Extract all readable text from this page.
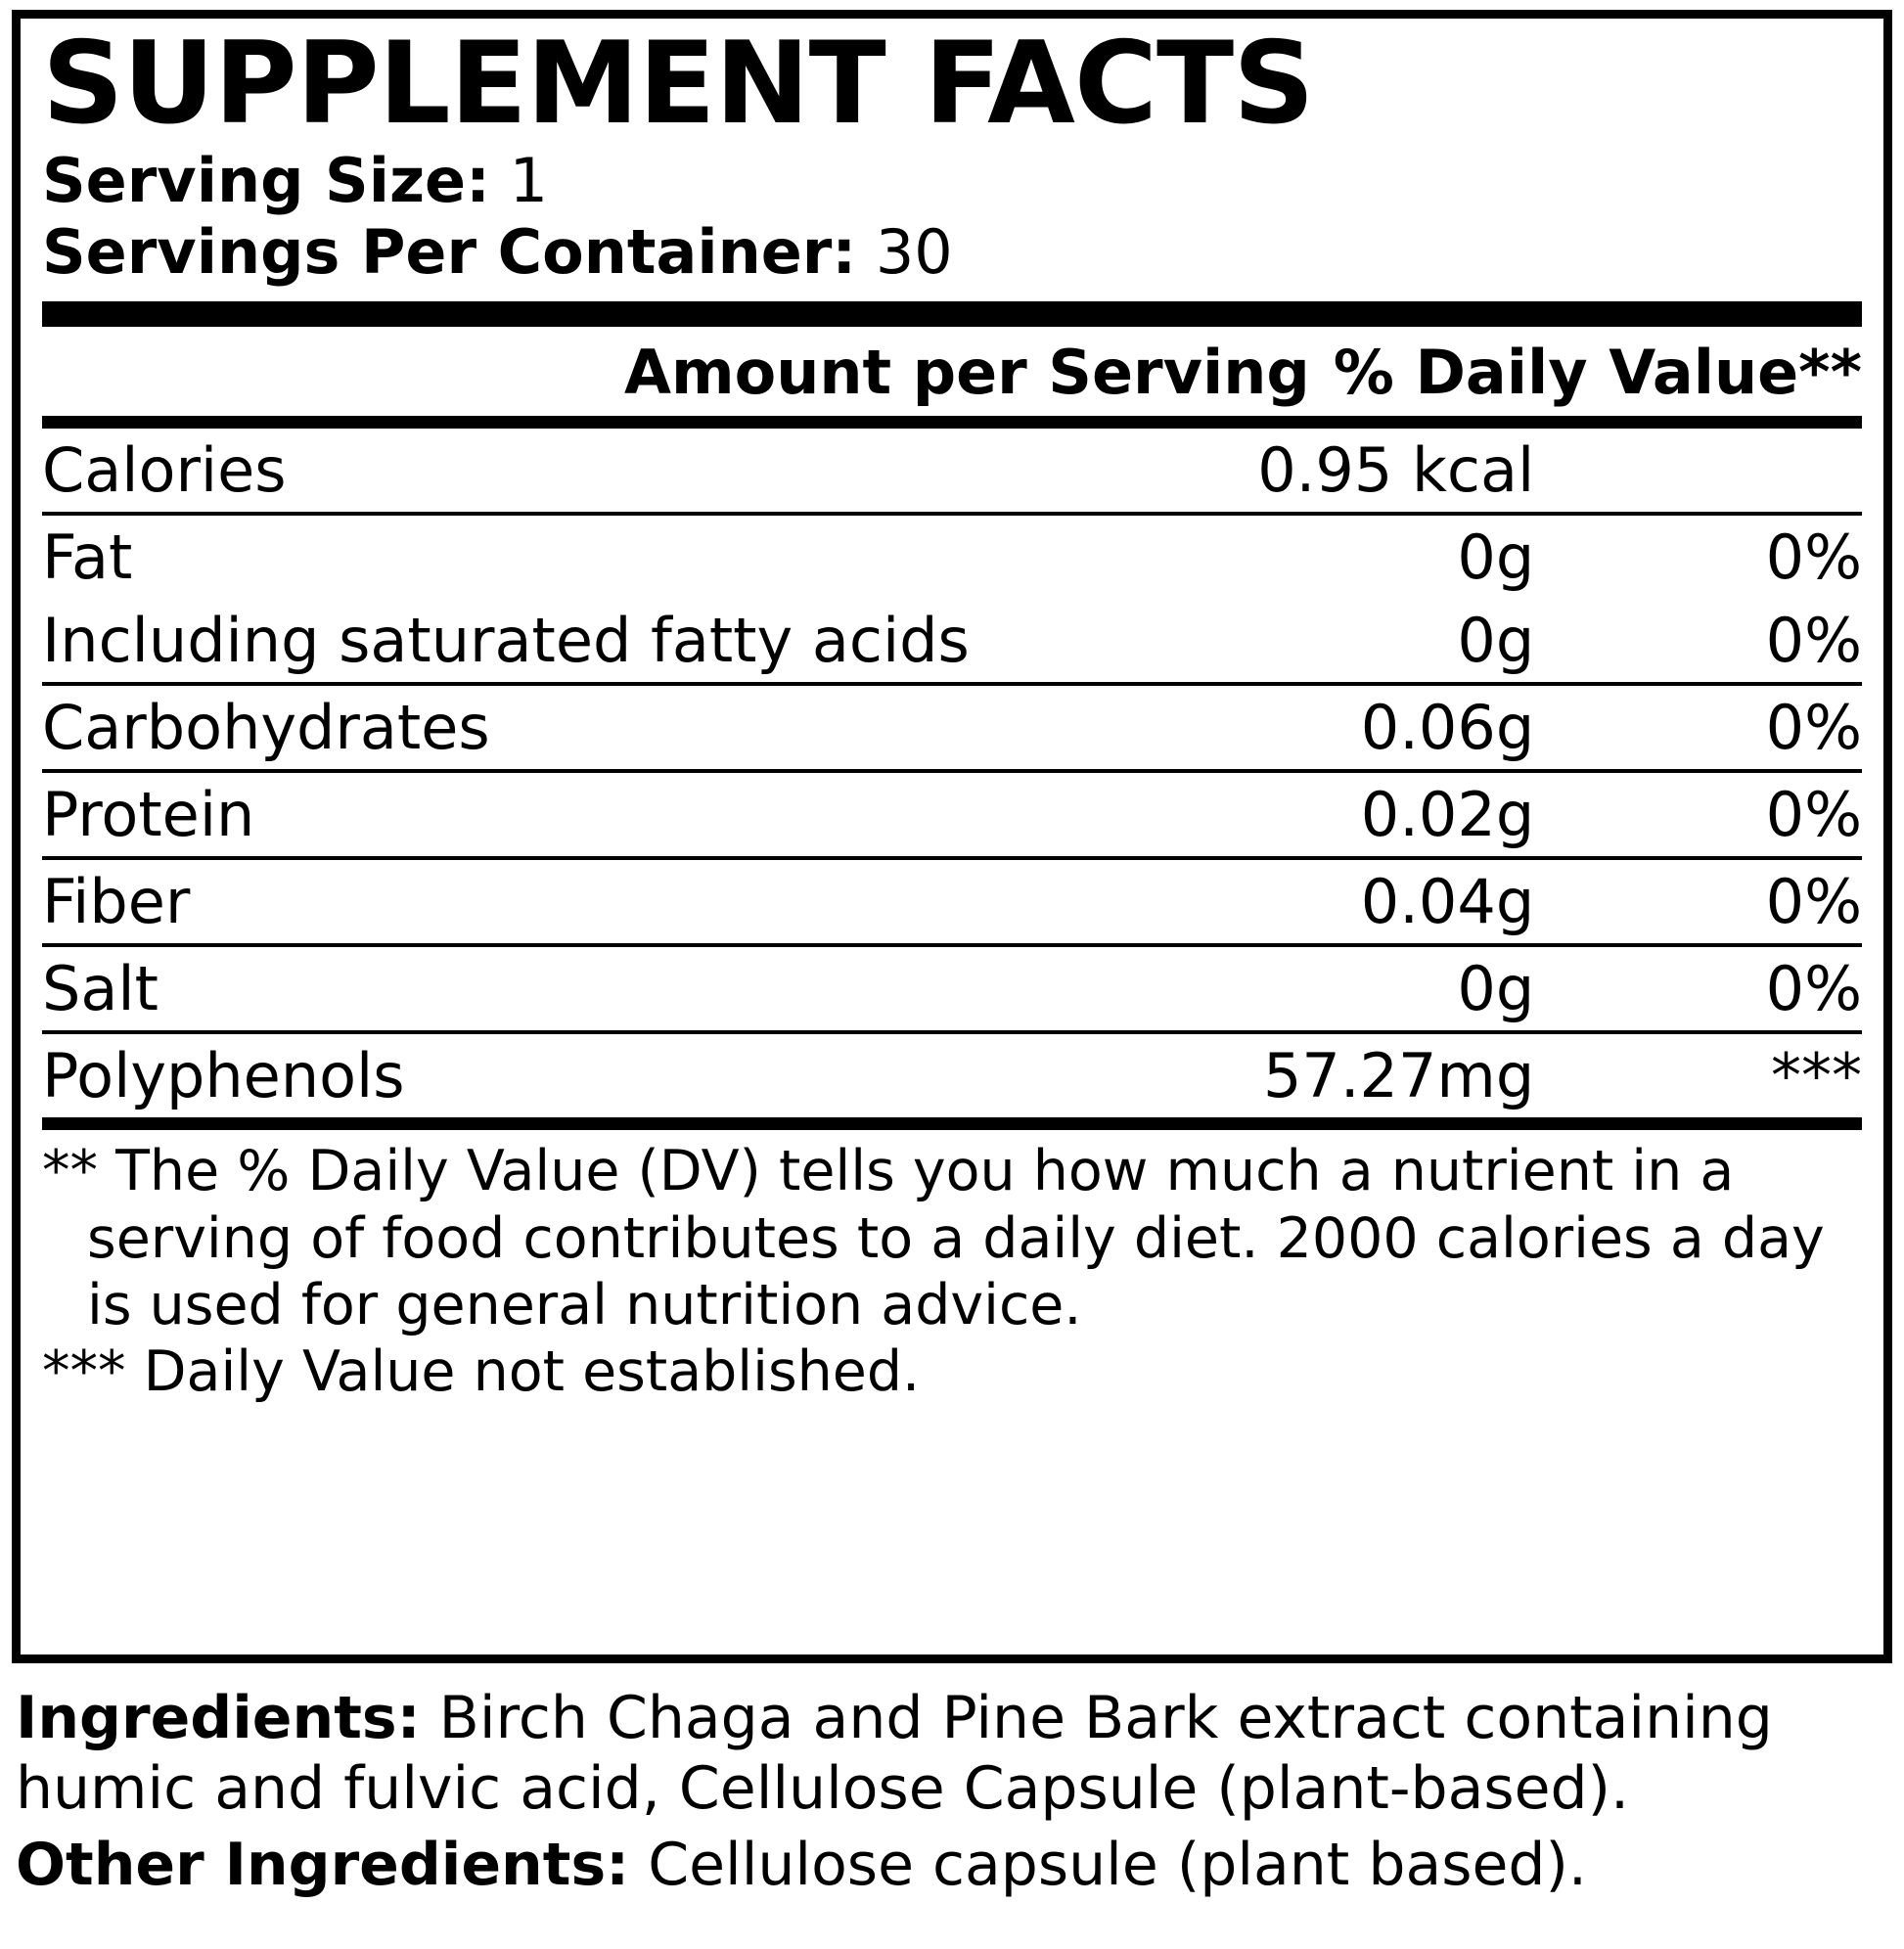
SUPPLEMENT FACTS
Serving Size: 1
Servings Per Container: 30
Amount per Serving % Daily Value**
Calories	0.95 kcal	
Fat	0g	0%
Including saturated fatty acids	0g	0%
Carbohydrates	0.06g	0%
Protein	0.02g	0%
Fiber	0.04g	0%
Salt	0g	0%
Polyphenols	57.27mg	***
** The % Daily Value (DV) tells you how much a nutrient in a serving of food contributes to a daily diet. 2000 calories a day is used for general nutrition advice.
*** Daily Value not established.
Ingredients: Birch Chaga and Pine Bark extract containing humic and fulvic acid, Cellulose Capsule (plant-based).
Other Ingredients: Cellulose capsule (plant based).
